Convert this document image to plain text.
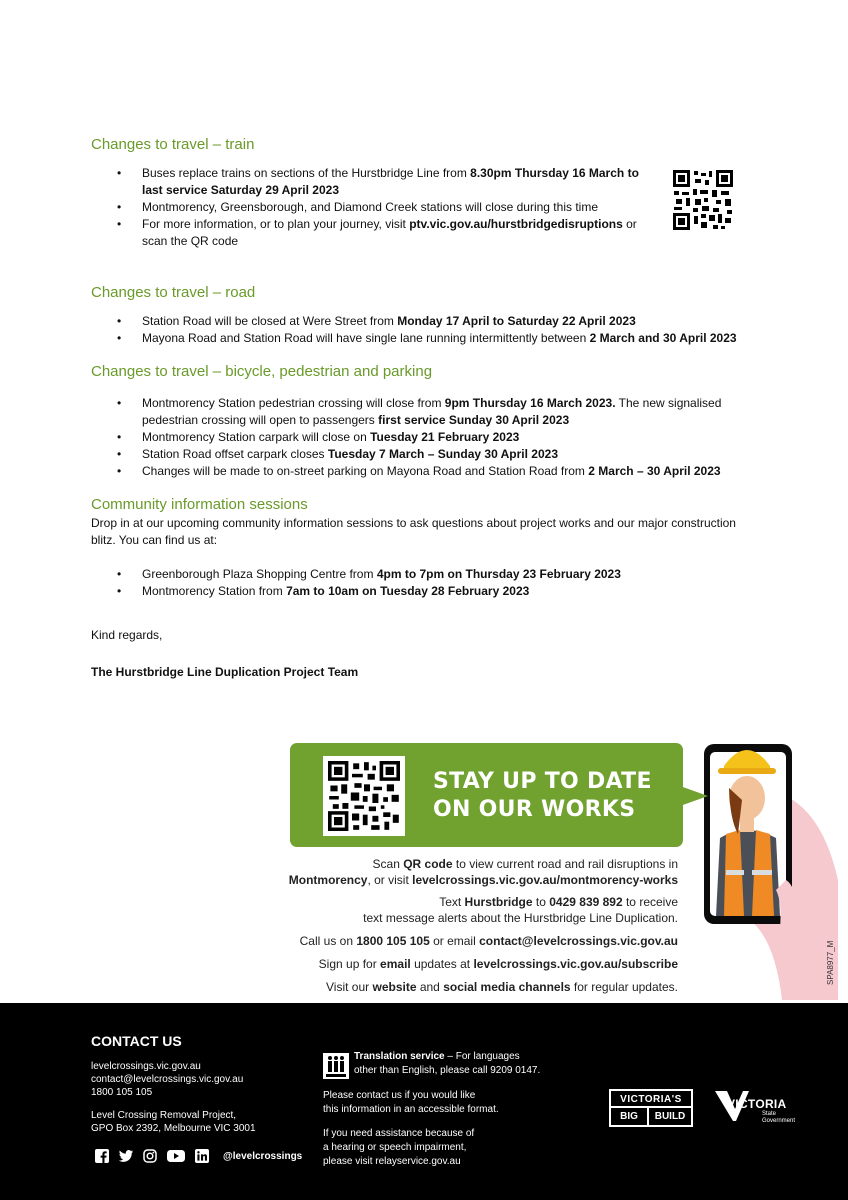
Changes to travel – train
• Buses replace trains on sections of the Hurstbridge Line from 8.30pm Thursday 16 March to last service Saturday 29 April 2023
• Montmorency, Greensborough, and Diamond Creek stations will close during this time
• For more information, or to plan your journey, visit ptv.vic.gov.au/hurstbridgedisruptions or scan the QR code
Changes to travel – road
• Station Road will be closed at Were Street from Monday 17 April to Saturday 22 April 2023
• Mayona Road and Station Road will have single lane running intermittently between 2 March and 30 April 2023
Changes to travel – bicycle, pedestrian and parking
• Montmorency Station pedestrian crossing will close from 9pm Thursday 16 March 2023. The new signalised pedestrian crossing will open to passengers first service Sunday 30 April 2023
• Montmorency Station carpark will close on Tuesday 21 February 2023
• Station Road offset carpark closes Tuesday 7 March – Sunday 30 April 2023
• Changes will be made to on-street parking on Mayona Road and Station Road from 2 March – 30 April 2023
Community information sessions

Drop in at our upcoming community information sessions to ask questions about project works and our major construction blitz. You can find us at:

• Greenborough Plaza Shopping Centre from 4pm to 7pm on Thursday 23 February 2023
• Montmorency Station from 7am to 10am on Tuesday 28 February 2023

Kind regards,

The Hurstbridge Line Duplication Project Team

SPA8977_M
STAY UP TO DATE
ON OUR WORKS
Scan QR code to view current road and rail disruptions in
Montmorency, or visit levelcrossings.vic.gov.au/montmorency-works
Text Hurstbridge to 0429 839 892 to receive
text message alerts about the Hurstbridge Line Duplication.
Call us on 1800 105 105 or email contact@levelcrossings.vic.gov.au
Sign up for email updates at levelcrossings.vic.gov.au/subscribe
Visit our website and social media channels for regular updates.
CONTACT US
levelcrossings.vic.gov.au
contact@levelcrossings.vic.gov.au
1800 105 105
Level Crossing Removal Project,
GPO Box 2392, Melbourne VIC 3001
@levelcrossings
Translation service – For languages
other than English, please call 9209 0147.
Please contact us if you would like
this information in an accessible format.
If you need assistance because of
a hearing or speech impairment,
please visit relayservice.gov.au
VICTORIA'S
BIG	BUILD
VICTORIA
State
Government
